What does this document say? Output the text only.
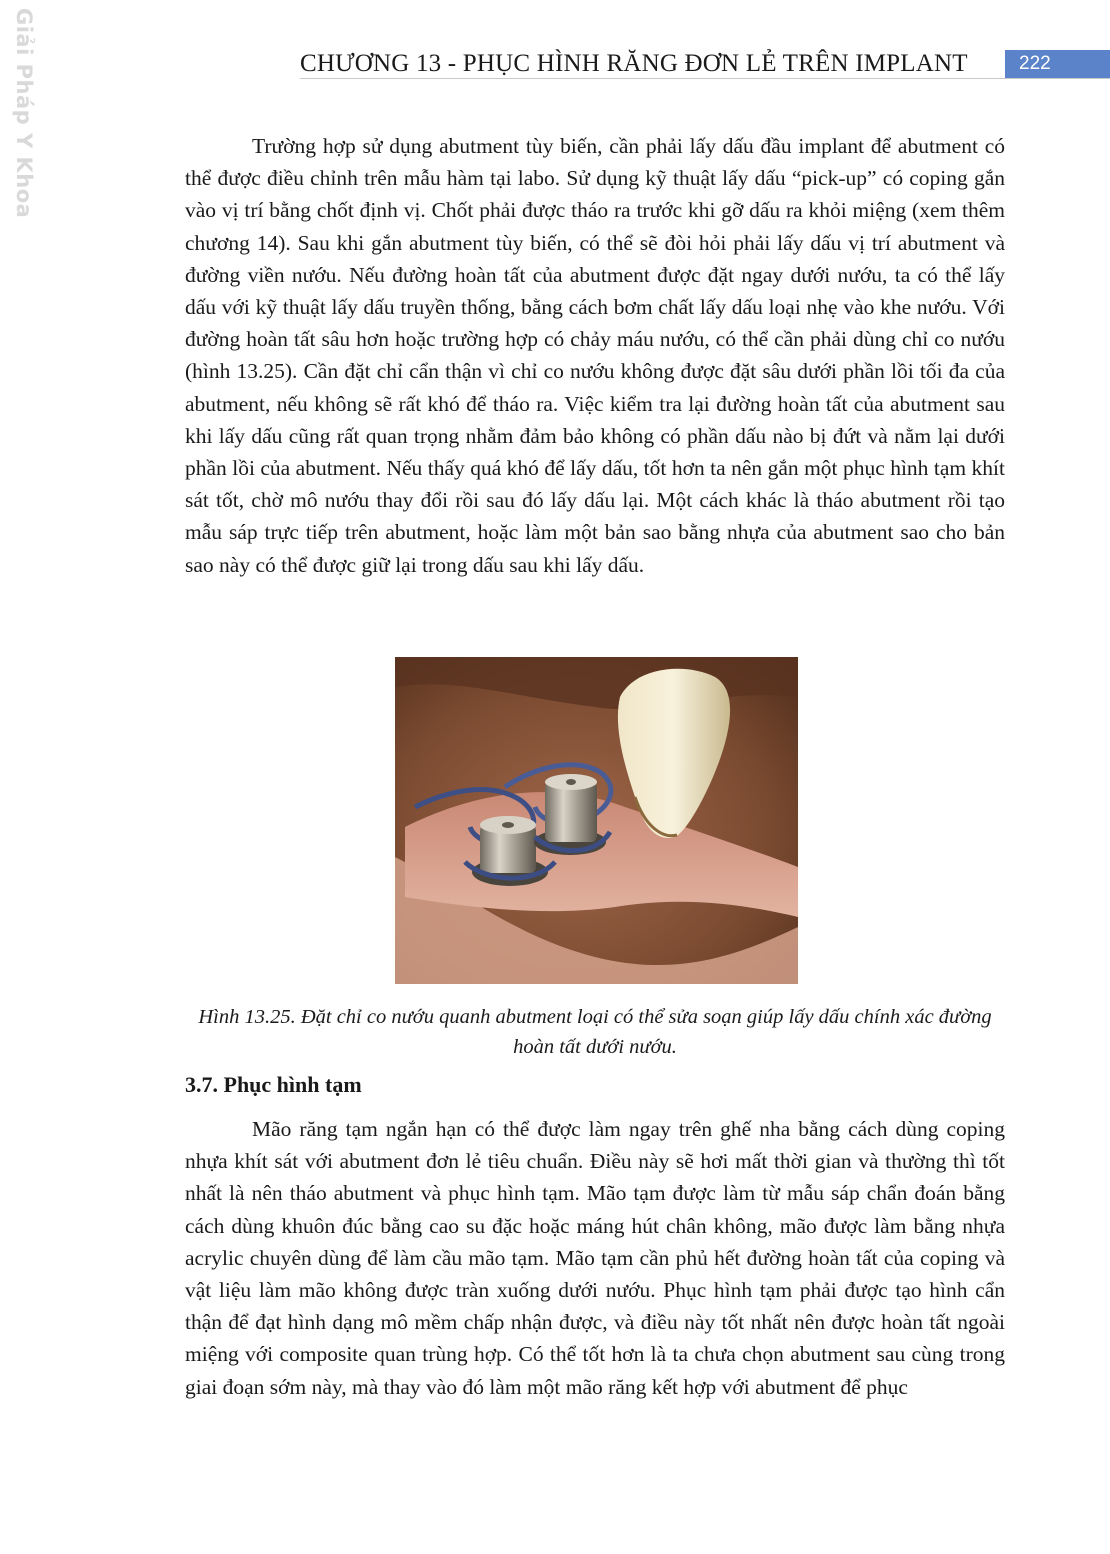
Giải Pháp Y Khoa	CHƯƠNG 13 - PHỤC HÌNH RĂNG ĐƠN LẺ TRÊN IMPLANT	222

Trường hợp sử dụng abutment tùy biến, cần phải lấy dấu đầu implant để abutment có thể được điều chỉnh trên mẫu hàm tại labo. Sử dụng kỹ thuật lấy dấu “pick-up” có coping gắn vào vị trí bằng chốt định vị. Chốt phải được tháo ra trước khi gỡ dấu ra khỏi miệng (xem thêm chương 14). Sau khi gắn abutment tùy biến, có thể sẽ đòi hỏi phải lấy dấu vị trí abutment và đường viền nướu. Nếu đường hoàn tất của abutment được đặt ngay dưới nướu, ta có thể lấy dấu với kỹ thuật lấy dấu truyền thống, bằng cách bơm chất lấy dấu loại nhẹ vào khe nướu. Với đường hoàn tất sâu hơn hoặc trường hợp có chảy máu nướu, có thể cần phải dùng chỉ co nướu (hình 13.25). Cần đặt chỉ cẩn thận vì chỉ co nướu không được đặt sâu dưới phần lồi tối đa của abutment, nếu không sẽ rất khó để tháo ra. Việc kiểm tra lại đường hoàn tất của abutment sau khi lấy dấu cũng rất quan trọng nhằm đảm bảo không có phần dấu nào bị đứt và nằm lại dưới phần lồi của abutment. Nếu thấy quá khó để lấy dấu, tốt hơn ta nên gắn một phục hình tạm khít sát tốt, chờ mô nướu thay đổi rồi sau đó lấy dấu lại. Một cách khác là tháo abutment rồi tạo mẫu sáp trực tiếp trên abutment, hoặc làm một bản sao bằng nhựa của abutment sao cho bản sao này có thể được giữ lại trong dấu sau khi lấy dấu.

Hình 13.25. Đặt chỉ co nướu quanh abutment loại có thể sửa soạn giúp lấy dấu chính xác đường hoàn tất dưới nướu.
3.7. Phục hình tạm

Mão răng tạm ngắn hạn có thể được làm ngay trên ghế nha bằng cách dùng coping nhựa khít sát với abutment đơn lẻ tiêu chuẩn. Điều này sẽ hơi mất thời gian và thường thì tốt nhất là nên tháo abutment và phục hình tạm. Mão tạm được làm từ mẫu sáp chẩn đoán bằng cách dùng khuôn đúc bằng cao su đặc hoặc máng hút chân không, mão được làm bằng nhựa acrylic chuyên dùng để làm cầu mão tạm. Mão tạm cần phủ hết đường hoàn tất của coping và vật liệu làm mão không được tràn xuống dưới nướu. Phục hình tạm phải được tạo hình cẩn thận để đạt hình dạng mô mềm chấp nhận được, và điều này tốt nhất nên được hoàn tất ngoài miệng với composite quan trùng hợp. Có thể tốt hơn là ta chưa chọn abutment sau cùng trong giai đoạn sớm này, mà thay vào đó làm một mão răng kết hợp với abutment để phục
